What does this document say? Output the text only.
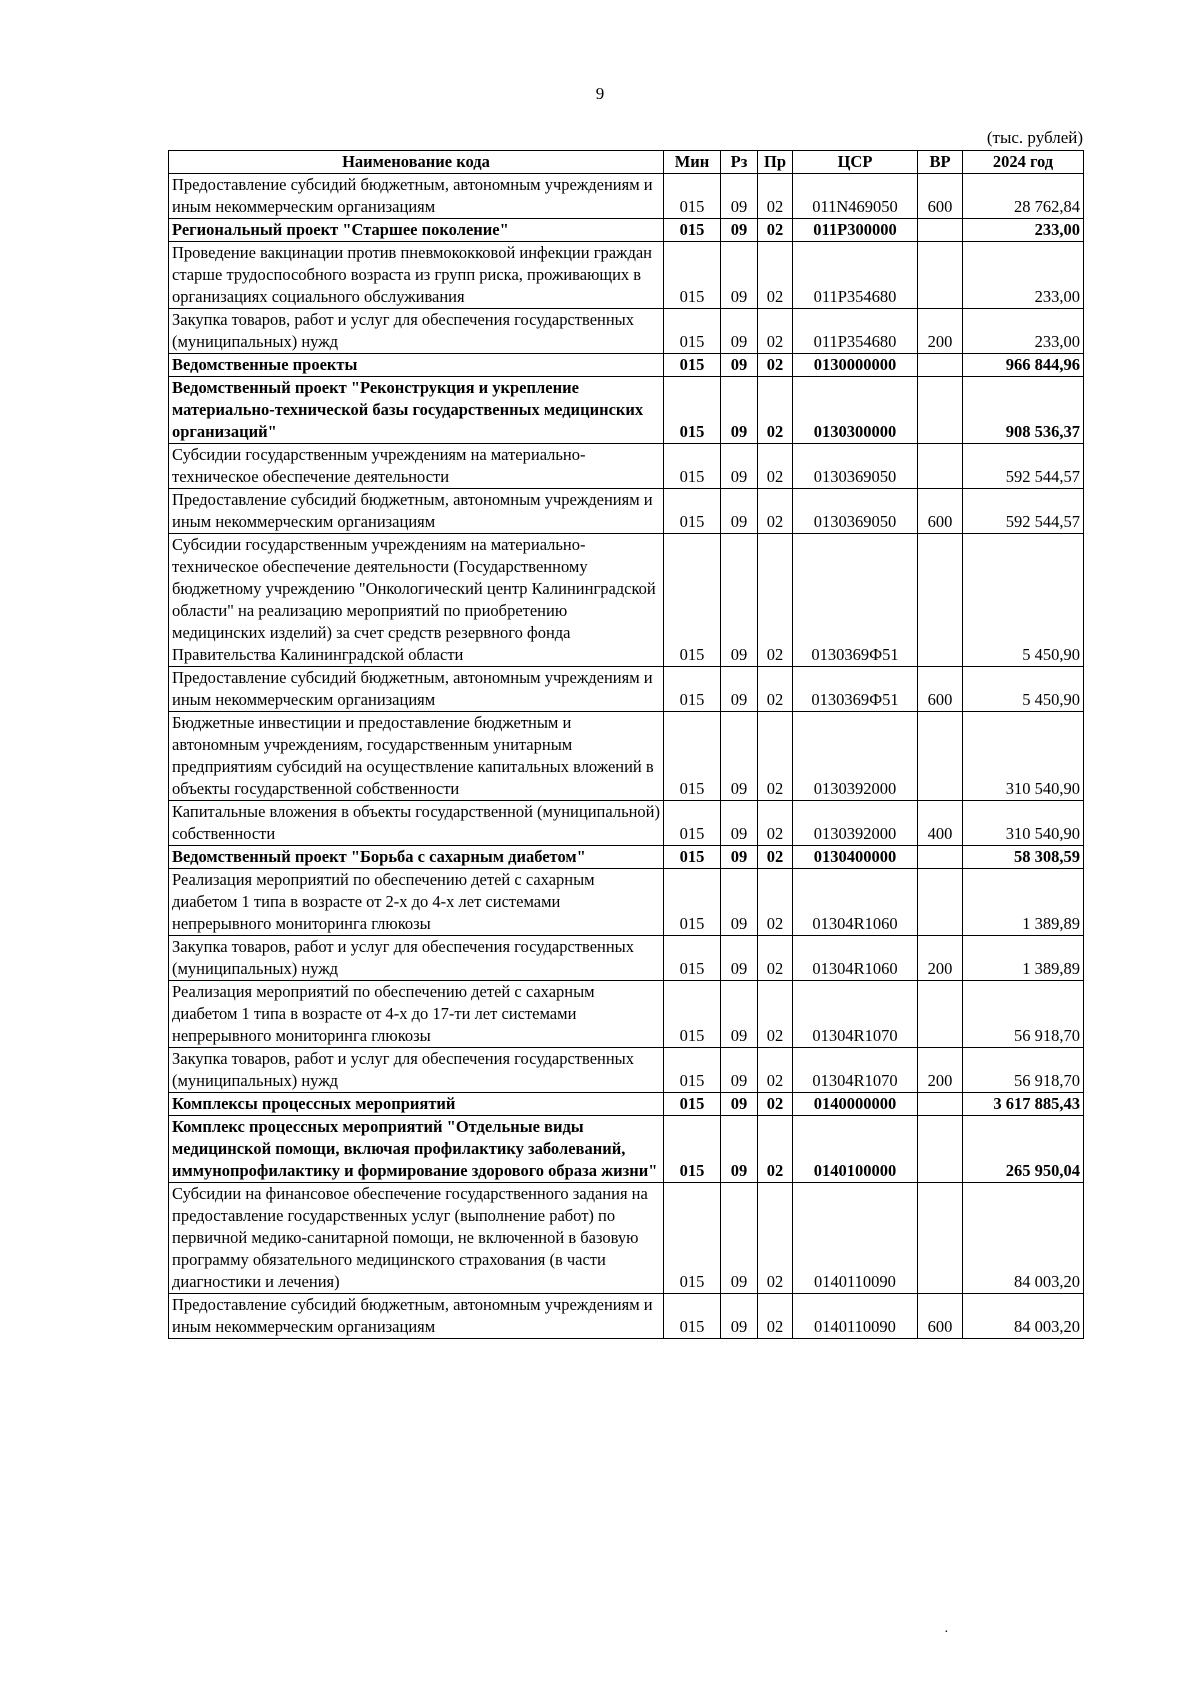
9
(тыс. рублей)
Наименование кода	Мин	Рз	Пр	ЦСР	ВР	2024 год
Предоставление субсидий бюджетным, автономным учреждениям и иным некоммерческим организациям	015	09	02	011N469050	600	28 762,84
Региональный проект "Старшее поколение"	015	09	02	011P300000		233,00
Проведение вакцинации против пневмококковой инфекции граждан старше трудоспособного возраста из групп риска, проживающих в организациях социального обслуживания	015	09	02	011P354680		233,00
Закупка товаров, работ и услуг для обеспечения государственных (муниципальных) нужд	015	09	02	011P354680	200	233,00
Ведомственные проекты	015	09	02	0130000000		966 844,96
Ведомственный проект "Реконструкция и укрепление материально-технической базы государственных медицинских организаций"	015	09	02	0130300000		908 536,37
Субсидии государственным учреждениям на материально-техническое обеспечение деятельности	015	09	02	0130369050		592 544,57
Предоставление субсидий бюджетным, автономным учреждениям и иным некоммерческим организациям	015	09	02	0130369050	600	592 544,57
Субсидии государственным учреждениям на материально-техническое обеспечение деятельности (Государственному бюджетному учреждению "Онкологический центр Калининградской области" на реализацию мероприятий по приобретению медицинских изделий) за счет средств резервного фонда Правительства Калининградской области	015	09	02	0130369Ф51		5 450,90
Предоставление субсидий бюджетным, автономным учреждениям и иным некоммерческим организациям	015	09	02	0130369Ф51	600	5 450,90
Бюджетные инвестиции и предоставление бюджетным и автономным учреждениям, государственным унитарным предприятиям субсидий на осуществление капитальных вложений в объекты государственной собственности	015	09	02	0130392000		310 540,90
Капитальные вложения в объекты государственной (муниципальной) собственности	015	09	02	0130392000	400	310 540,90
Ведомственный проект "Борьба с сахарным диабетом"	015	09	02	0130400000		58 308,59
Реализация мероприятий по обеспечению детей с сахарным диабетом 1 типа в возрасте от 2-х до 4-х лет системами непрерывного мониторинга глюкозы	015	09	02	01304R1060		1 389,89
Закупка товаров, работ и услуг для обеспечения государственных (муниципальных) нужд	015	09	02	01304R1060	200	1 389,89
Реализация мероприятий по обеспечению детей с сахарным диабетом 1 типа в возрасте от 4-х до 17-ти лет системами непрерывного мониторинга глюкозы	015	09	02	01304R1070		56 918,70
Закупка товаров, работ и услуг для обеспечения государственных (муниципальных) нужд	015	09	02	01304R1070	200	56 918,70
Комплексы процессных мероприятий	015	09	02	0140000000		3 617 885,43
Комплекс процессных мероприятий "Отдельные виды медицинской помощи, включая профилактику заболеваний, иммунопрофилактику и формирование здорового образа жизни"	015	09	02	0140100000		265 950,04
Субсидии на финансовое обеспечение государственного задания на предоставление государственных услуг (выполнение работ) по первичной медико-санитарной помощи, не включенной в базовую программу обязательного медицинского страхования (в части диагностики и лечения)	015	09	02	0140110090		84 003,20
Предоставление субсидий бюджетным, автономным учреждениям и иным некоммерческим организациям	015	09	02	0140110090	600	84 003,20
·
